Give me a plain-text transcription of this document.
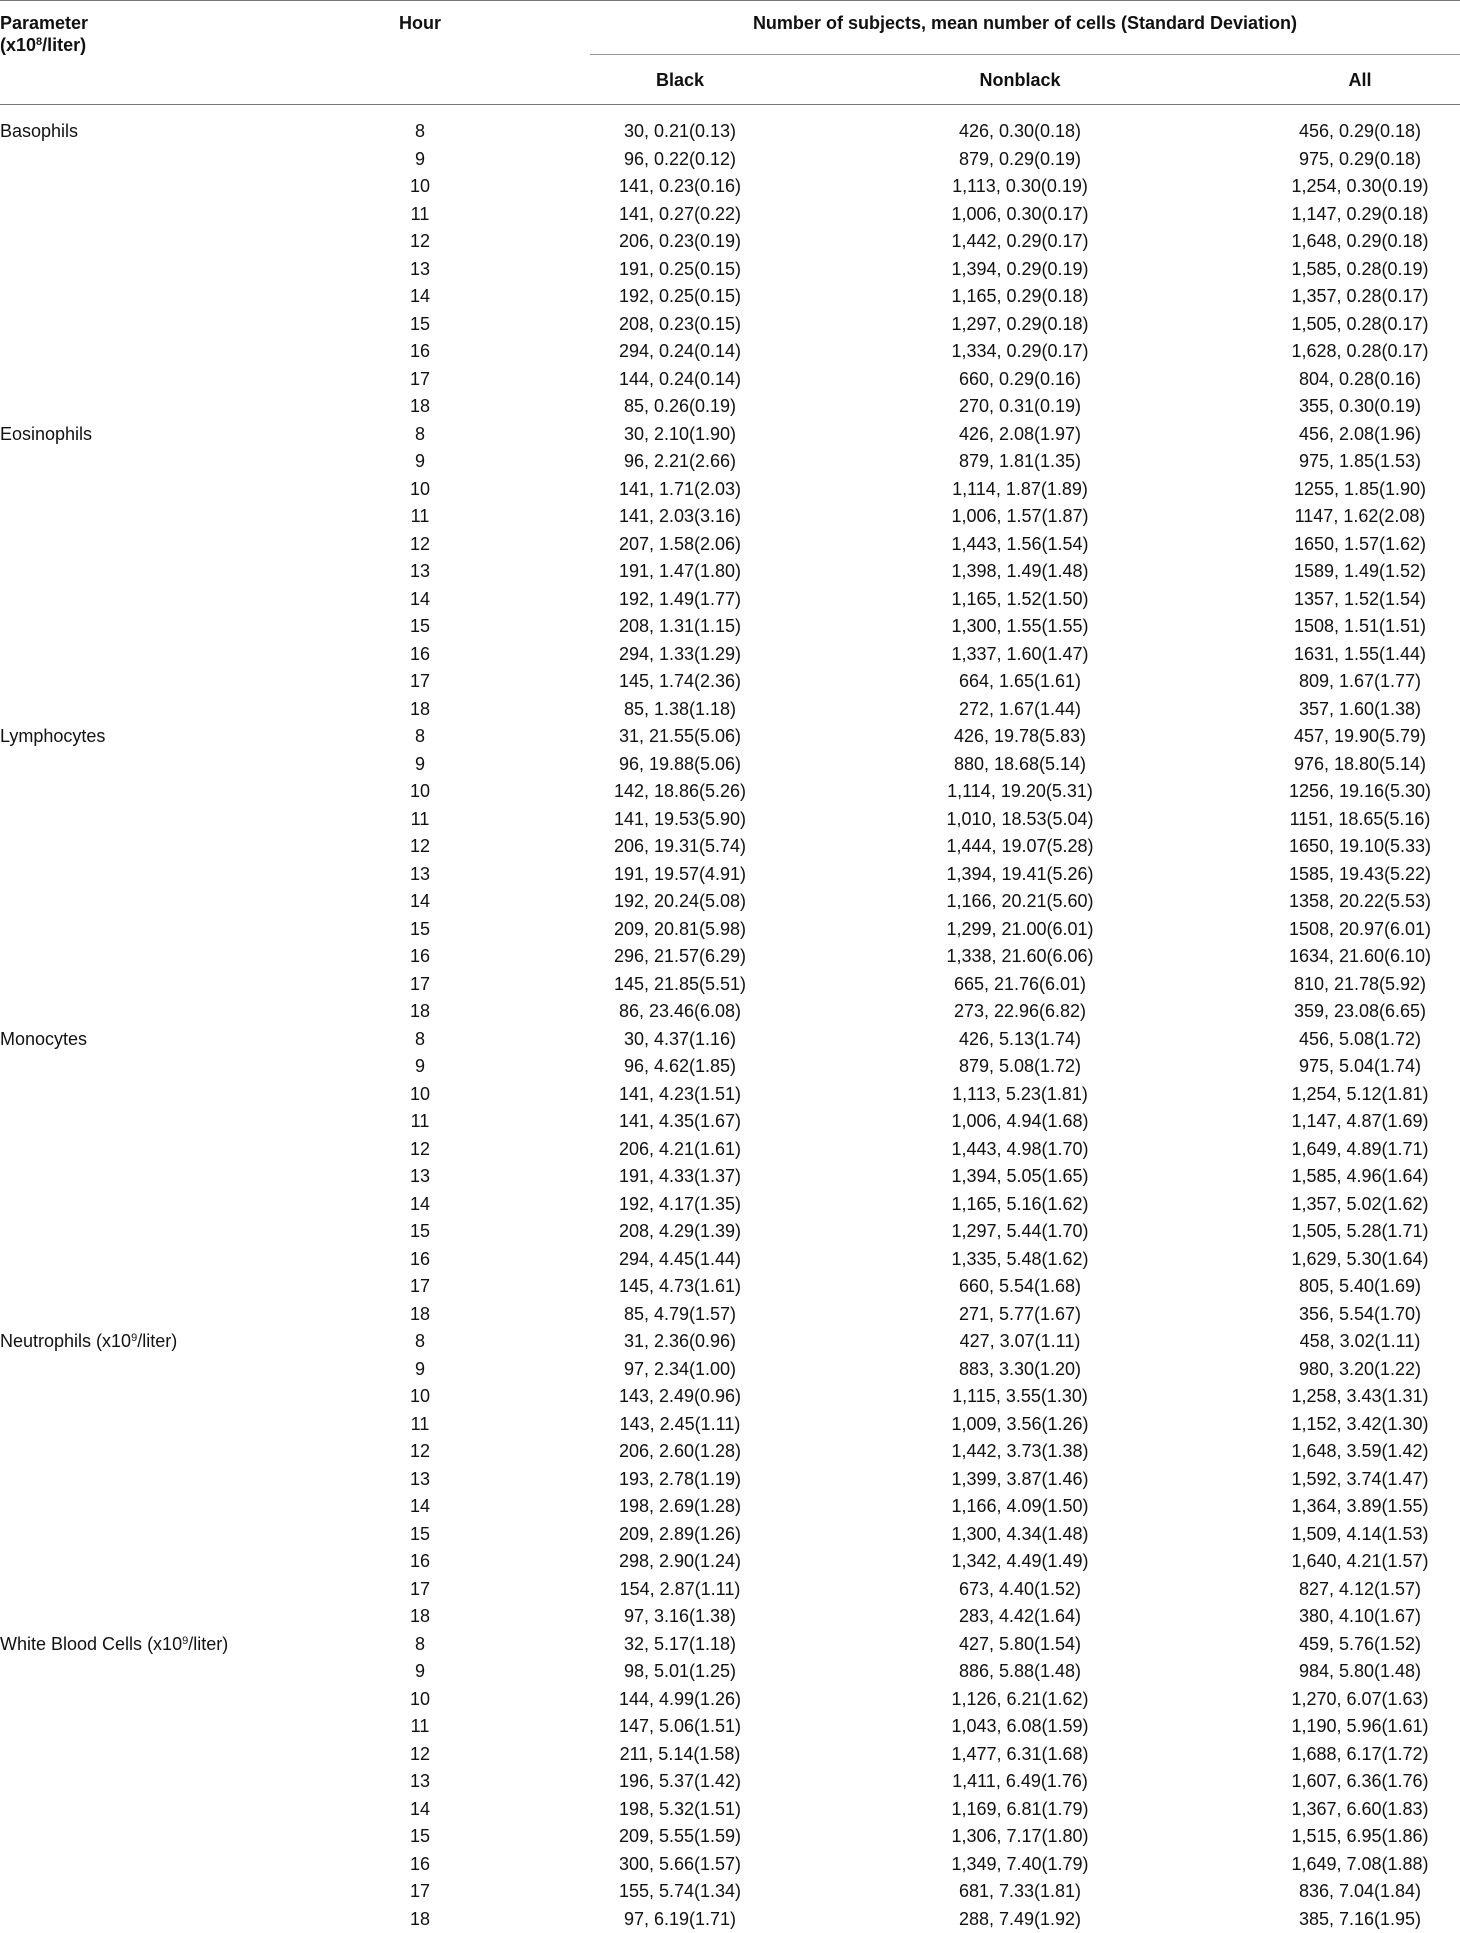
Parameter
$(x10^8/liter)$
Hour	Number of subjects, mean number of cells (Standard Deviation)
Black	Nonblack	All
Basophils	8	30, 0.21(0.13)	426, 0.30(0.18)	456, 0.29(0.18)
9	96, 0.22(0.12)	879, 0.29(0.19)	975, 0.29(0.18)
10	141, 0.23(0.16)	1,113, 0.30(0.19)	1,254, 0.30(0.19)
11	141, 0.27(0.22)	1,006, 0.30(0.17)	1,147, 0.29(0.18)
12	206, 0.23(0.19)	1,442, 0.29(0.17)	1,648, 0.29(0.18)
13	191, 0.25(0.15)	1,394, 0.29(0.19)	1,585, 0.28(0.19)
14	192, 0.25(0.15)	1,165, 0.29(0.18)	1,357, 0.28(0.17)
15	208, 0.23(0.15)	1,297, 0.29(0.18)	1,505, 0.28(0.17)
16	294, 0.24(0.14)	1,334, 0.29(0.17)	1,628, 0.28(0.17)
17	144, 0.24(0.14)	660, 0.29(0.16)	804, 0.28(0.16)
18	85, 0.26(0.19)	270, 0.31(0.19)	355, 0.30(0.19)
Eosinophils	8	30, 2.10(1.90)	426, 2.08(1.97)	456, 2.08(1.96)
9	96, 2.21(2.66)	879, 1.81(1.35)	975, 1.85(1.53)
10	141, 1.71(2.03)	1,114, 1.87(1.89)	1255, 1.85(1.90)
11	141, 2.03(3.16)	1,006, 1.57(1.87)	1147, 1.62(2.08)
12	207, 1.58(2.06)	1,443, 1.56(1.54)	1650, 1.57(1.62)
13	191, 1.47(1.80)	1,398, 1.49(1.48)	1589, 1.49(1.52)
14	192, 1.49(1.77)	1,165, 1.52(1.50)	1357, 1.52(1.54)
15	208, 1.31(1.15)	1,300, 1.55(1.55)	1508, 1.51(1.51)
16	294, 1.33(1.29)	1,337, 1.60(1.47)	1631, 1.55(1.44)
17	145, 1.74(2.36)	664, 1.65(1.61)	809, 1.67(1.77)
18	85, 1.38(1.18)	272, 1.67(1.44)	357, 1.60(1.38)
Lymphocytes	8	31, 21.55(5.06)	426, 19.78(5.83)	457, 19.90(5.79)
9	96, 19.88(5.06)	880, 18.68(5.14)	976, 18.80(5.14)
10	142, 18.86(5.26)	1,114, 19.20(5.31)	1256, 19.16(5.30)
11	141, 19.53(5.90)	1,010, 18.53(5.04)	1151, 18.65(5.16)
12	206, 19.31(5.74)	1,444, 19.07(5.28)	1650, 19.10(5.33)
13	191, 19.57(4.91)	1,394, 19.41(5.26)	1585, 19.43(5.22)
14	192, 20.24(5.08)	1,166, 20.21(5.60)	1358, 20.22(5.53)
15	209, 20.81(5.98)	1,299, 21.00(6.01)	1508, 20.97(6.01)
16	296, 21.57(6.29)	1,338, 21.60(6.06)	1634, 21.60(6.10)
17	145, 21.85(5.51)	665, 21.76(6.01)	810, 21.78(5.92)
18	86, 23.46(6.08)	273, 22.96(6.82)	359, 23.08(6.65)
Monocytes	8	30, 4.37(1.16)	426, 5.13(1.74)	456, 5.08(1.72)
9	96, 4.62(1.85)	879, 5.08(1.72)	975, 5.04(1.74)
10	141, 4.23(1.51)	1,113, 5.23(1.81)	1,254, 5.12(1.81)
11	141, 4.35(1.67)	1,006, 4.94(1.68)	1,147, 4.87(1.69)
12	206, 4.21(1.61)	1,443, 4.98(1.70)	1,649, 4.89(1.71)
13	191, 4.33(1.37)	1,394, 5.05(1.65)	1,585, 4.96(1.64)
14	192, 4.17(1.35)	1,165, 5.16(1.62)	1,357, 5.02(1.62)
15	208, 4.29(1.39)	1,297, 5.44(1.70)	1,505, 5.28(1.71)
16	294, 4.45(1.44)	1,335, 5.48(1.62)	1,629, 5.30(1.64)
17	145, 4.73(1.61)	660, 5.54(1.68)	805, 5.40(1.69)
18	85, 4.79(1.57)	271, 5.77(1.67)	356, 5.54(1.70)
Neutrophils $(x10^9/liter)$	8	31, 2.36(0.96)	427, 3.07(1.11)	458, 3.02(1.11)
9	97, 2.34(1.00)	883, 3.30(1.20)	980, 3.20(1.22)
10	143, 2.49(0.96)	1,115, 3.55(1.30)	1,258, 3.43(1.31)
11	143, 2.45(1.11)	1,009, 3.56(1.26)	1,152, 3.42(1.30)
12	206, 2.60(1.28)	1,442, 3.73(1.38)	1,648, 3.59(1.42)
13	193, 2.78(1.19)	1,399, 3.87(1.46)	1,592, 3.74(1.47)
14	198, 2.69(1.28)	1,166, 4.09(1.50)	1,364, 3.89(1.55)
15	209, 2.89(1.26)	1,300, 4.34(1.48)	1,509, 4.14(1.53)
16	298, 2.90(1.24)	1,342, 4.49(1.49)	1,640, 4.21(1.57)
17	154, 2.87(1.11)	673, 4.40(1.52)	827, 4.12(1.57)
18	97, 3.16(1.38)	283, 4.42(1.64)	380, 4.10(1.67)
White Blood Cells $(x10^9/liter)$	8	32, 5.17(1.18)	427, 5.80(1.54)	459, 5.76(1.52)
9	98, 5.01(1.25)	886, 5.88(1.48)	984, 5.80(1.48)
10	144, 4.99(1.26)	1,126, 6.21(1.62)	1,270, 6.07(1.63)
11	147, 5.06(1.51)	1,043, 6.08(1.59)	1,190, 5.96(1.61)
12	211, 5.14(1.58)	1,477, 6.31(1.68)	1,688, 6.17(1.72)
13	196, 5.37(1.42)	1,411, 6.49(1.76)	1,607, 6.36(1.76)
14	198, 5.32(1.51)	1,169, 6.81(1.79)	1,367, 6.60(1.83)
15	209, 5.55(1.59)	1,306, 7.17(1.80)	1,515, 6.95(1.86)
16	300, 5.66(1.57)	1,349, 7.40(1.79)	1,649, 7.08(1.88)
17	155, 5.74(1.34)	681, 7.33(1.81)	836, 7.04(1.84)
18	97, 6.19(1.71)	288, 7.49(1.92)	385, 7.16(1.95)
